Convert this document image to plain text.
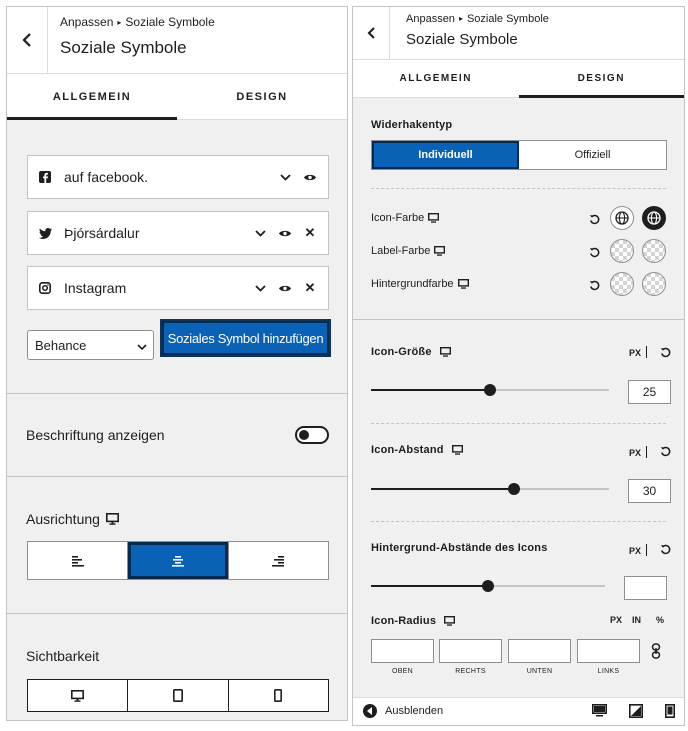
Anpassen ▸ Soziale Symbole
Soziale Symbole
ALLGEMEIN	DESIGN
auf facebook.
Þjórsárdalur	✕
Instagram	✕
Behance	Soziales Symbol hinzufügen
Beschriftung anzeigen
Ausrichtung
Sichtbarkeit
Anpassen ▸ Soziale Symbole
Soziale Symbole
ALLGEMEIN	DESIGN
Widerhakentyp
Individuell	Offiziell
Icon-Farbe
Label-Farbe
Hintergrundfarbe
Icon-Größe	PX
25
Icon-Abstand	PX
30
Hintergrund-Abstände des Icons	PX
Icon-Radius	PX IN %
OBEN	RECHTS	UNTEN	LINKS
Ausblenden
